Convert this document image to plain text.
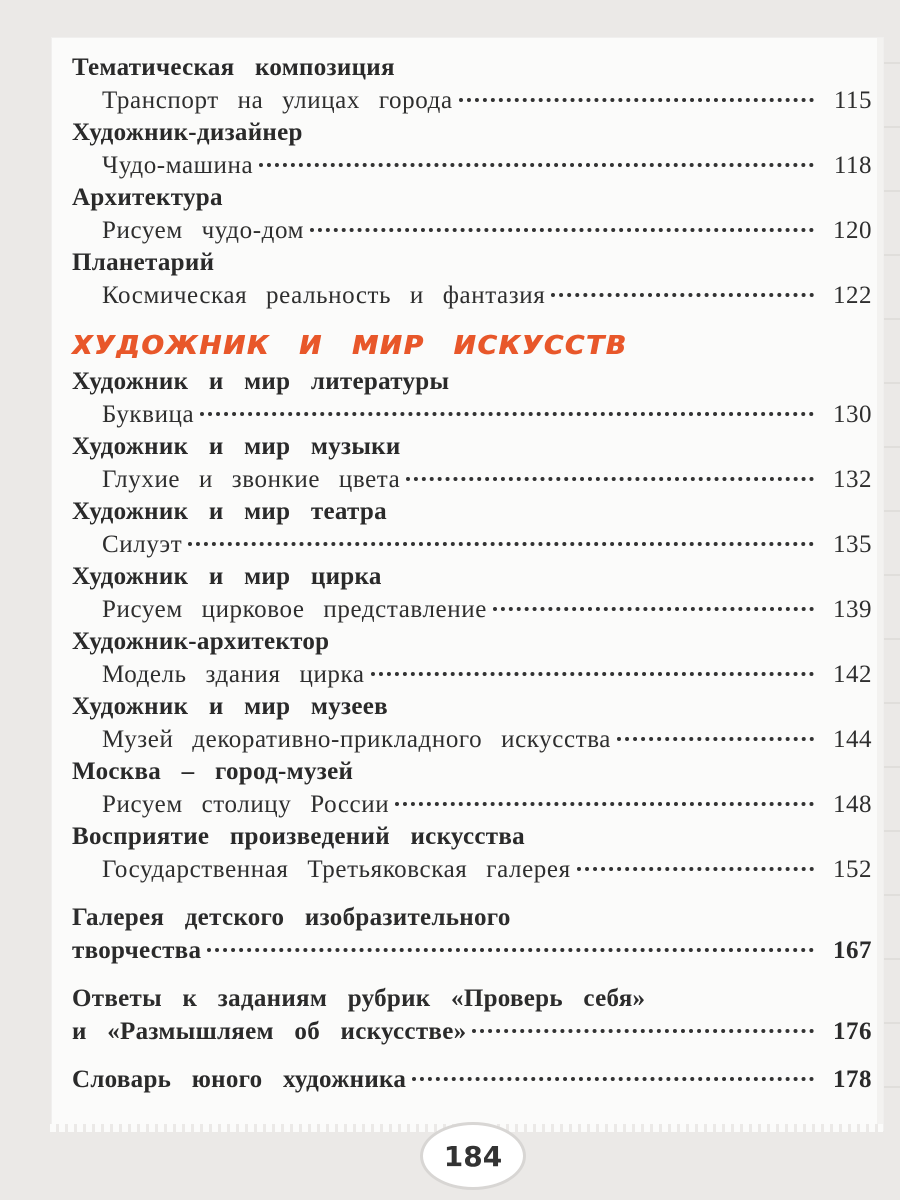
Тематическая композиция
Транспорт на улицах города	115
Художник-дизайнер
Чудо-машина	118
Архитектура
Рисуем чудо-дом	120
Планетарий
Космическая реальность и фантазия	122
ХУДОЖНИК И МИР ИСКУССТВ
Художник и мир литературы
Буквица	130
Художник и мир музыки
Глухие и звонкие цвета	132
Художник и мир театра
Силуэт	135
Художник и мир цирка
Рисуем цирковое представление	139
Художник-архитектор
Модель здания цирка	142
Художник и мир музеев
Музей декоративно-прикладного искусства	144
Москва – город-музей
Рисуем столицу России	148
Восприятие произведений искусства
Государственная Третьяковская галерея	152
Галерея детского изобразительного
творчества	167
Ответы к заданиям рубрик «Проверь себя»
и «Размышляем об искусстве»	176
Словарь юного художника	178
184
